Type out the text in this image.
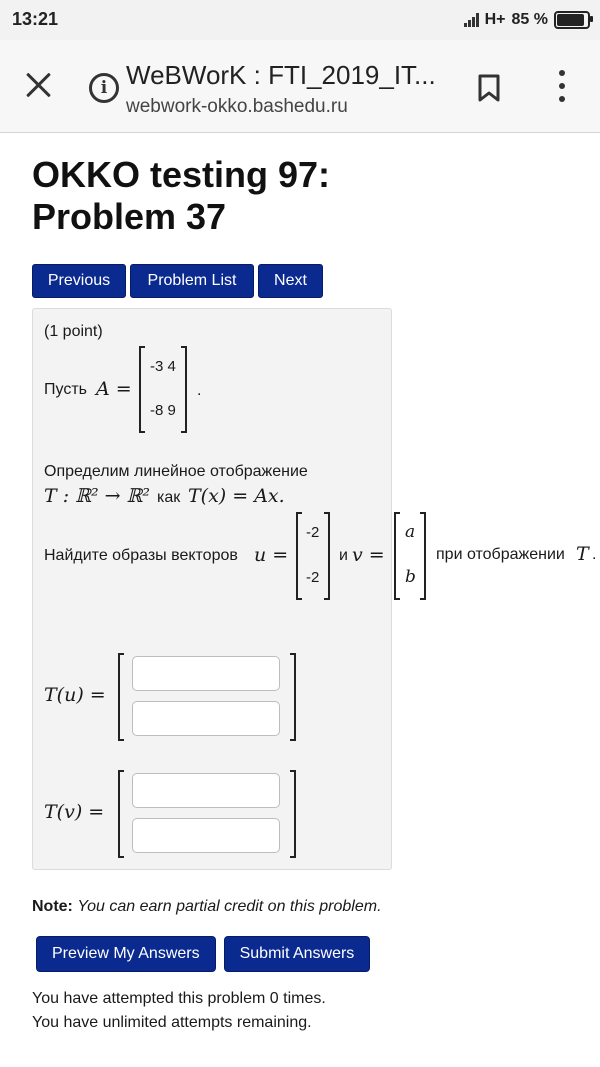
13:21	H+ 85 %
i WeBWorK : FTI_2019_IT...
webwork-okko.bashedu.ru
OKKO testing 97:
Problem 37
Previous	Problem List	Next
(1 point)
Пусть A =
-3 4
-8 9
.
Определим линейное отображение
T : ℝ² → ℝ² как T(x) = Ax.
Найдите образы векторов u =
-2
-2
и v =
a
b
T(u) =
T(v) =
при отображении T .
Note: You can earn partial credit on this problem.
Preview My Answers	Submit Answers
You have attempted this problem 0 times.
You have unlimited attempts remaining.
